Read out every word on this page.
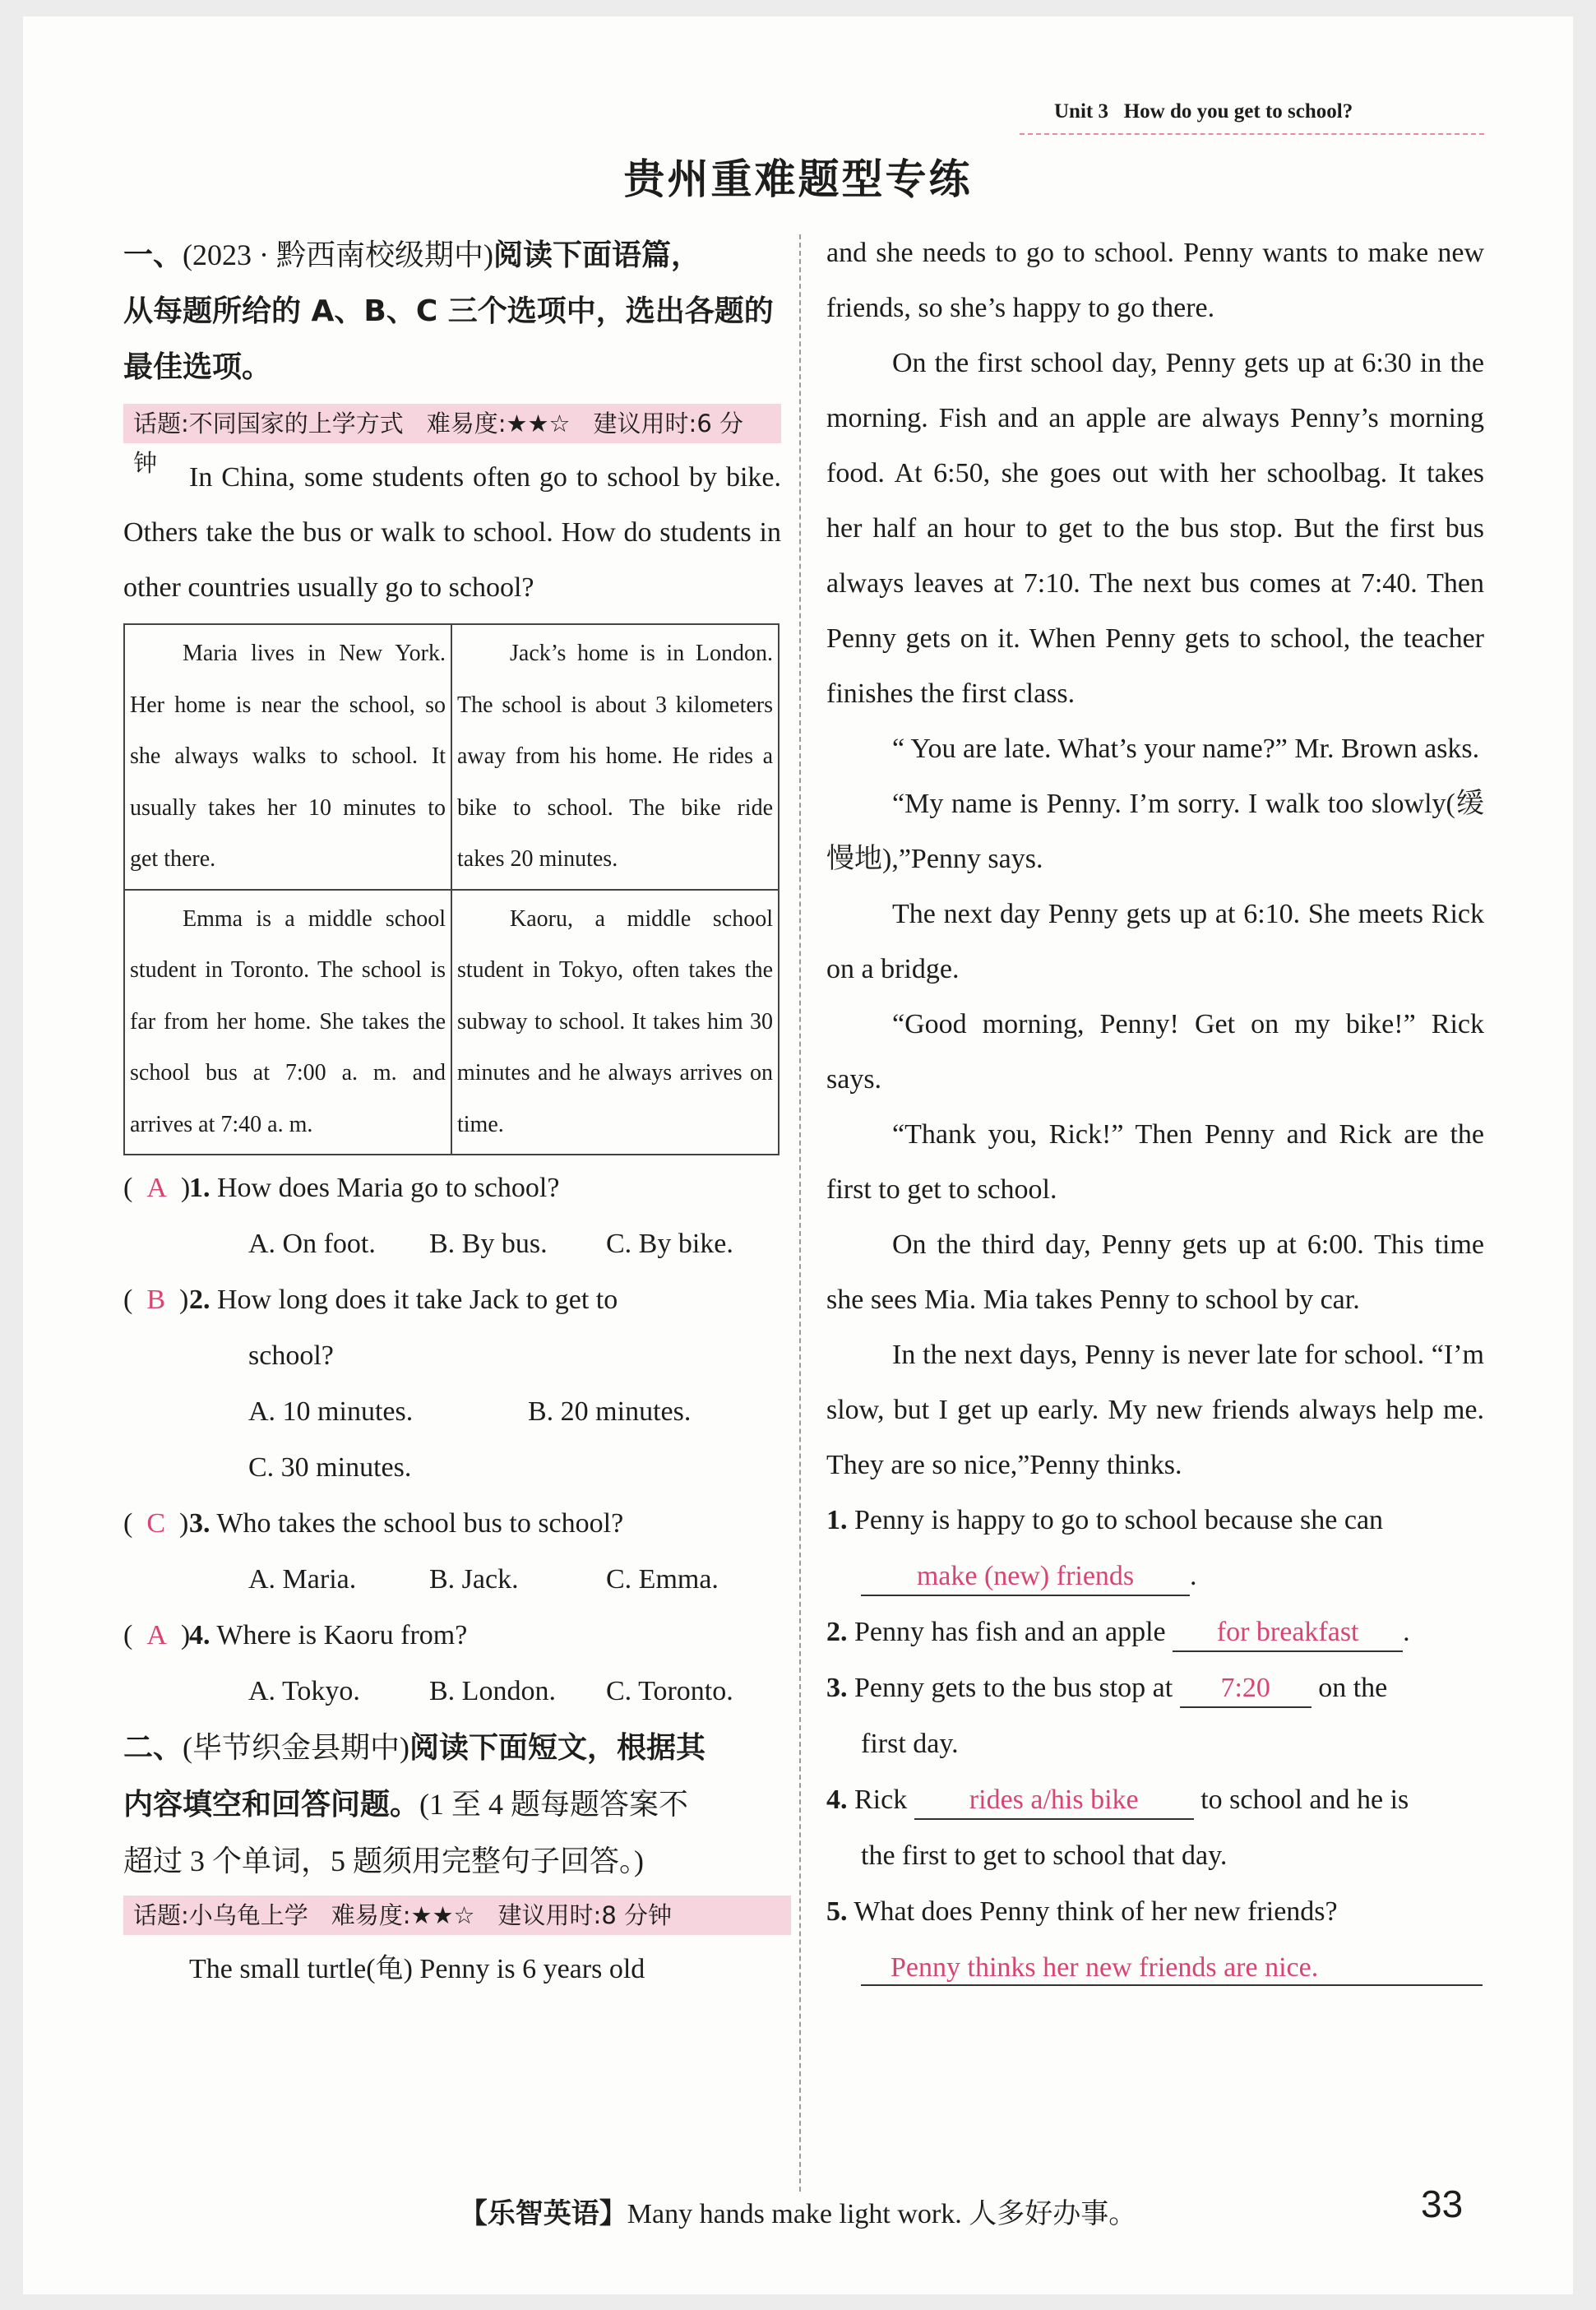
Unit 3 How do you get to school?
贵州重难题型专练
一、(2023 · 黔西南校级期中)阅读下面语篇，
从每题所给的 A、B、C 三个选项中，选出各题的
最佳选项。
话题:不同国家的上学方式 难易度:★★☆ 建议用时:6 分钟	In China, some students often go to school by bike. Others take the bus or walk to school. How do students in other countries usually go to school?
Maria lives in New York. Her home is near the school, so she always walks to school. It usually takes her 10 minutes to get there.	Jack’s home is in London. The school is about 3 kilometers away from his home. He rides a bike to school. The bike ride takes 20 minutes.

Emma is a middle school student in Toronto. The school is far from her home. She takes the school bus at 7:00 a. m. and arrives at 7:40 a. m.	Kaoru, a middle school student in Tokyo, often takes the subway to school. It takes him 30 minutes and he always arrives on time.
(  A  )1. How does Maria go to school?
A. On foot. B. By bus. C. By bike.
(  B  )2. How long does it take Jack to get to
school?
A. 10 minutes.	B. 20 minutes.
C. 30 minutes.
(  C  )3. Who takes the school bus to school?
A. Maria.	B. Jack.	C. Emma.
(  A  )4. Where is Kaoru from?
A. Tokyo. B. London. C. Toronto.
二、(毕节织金县期中)阅读下面短文，根据其
内容填空和回答问题。(1 至 4 题每题答案不
超过 3 个单词，5 题须用完整句子回答。)
话题:小乌龟上学 难易度:★★☆ 建议用时:8 分钟
The small turtle(龟) Penny is 6 years old
and she needs to go to school. Penny wants to make new friends, so she’s happy to go there.
On the first school day, Penny gets up at 6:30 in the morning. Fish and an apple are always Penny’s morning food. At 6:50, she goes out with her schoolbag. It takes her half an hour to get to the bus stop. But the first bus always leaves at 7:10. The next bus comes at 7:40. Then Penny gets on it. When Penny gets to school, the teacher finishes the first class.
“ You are late. What’s your name?” Mr. Brown asks.
“My name is Penny. I’m sorry. I walk too slowly(缓慢地),”Penny says.
The next day Penny gets up at 6:10. She meets Rick on a bridge.
“Good morning, Penny! Get on my bike!” Rick says.
“Thank you, Rick!” Then Penny and Rick are the first to get to school.
On the third day, Penny gets up at 6:00. This time she sees Mia. Mia takes Penny to school by car.
In the next days, Penny is never late for school. “I’m slow, but I get up early. My new friends always help me. They are so nice,”Penny thinks.
1. Penny is happy to go to school because she can
make (new) friends .
2. Penny has fish and an apple for breakfast .
3. Penny gets to the bus stop at 7:20 on the
first day.
4. Rick rides a/his bike to school and he is
the first to get to school that day.
5. What does Penny think of her new friends?
Penny thinks her new friends are nice.
【乐智英语】Many hands make light work. 人多好办事。	33
